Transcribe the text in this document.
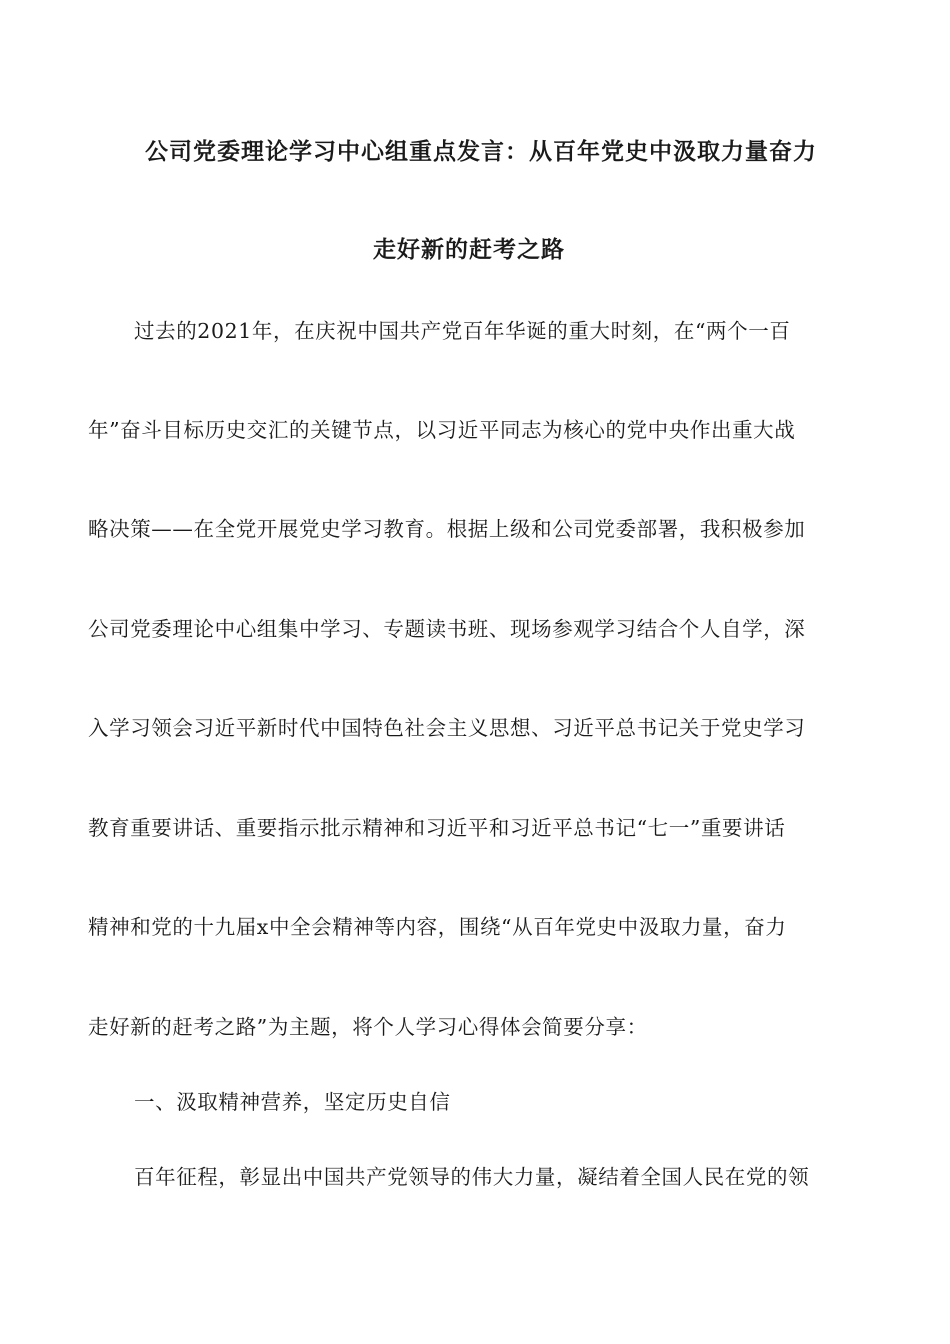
公司党委理论学习中心组重点发言：从百年党史中汲取力量奋力
走好新的赶考之路
过去的2021年，在庆祝中国共产党百年华诞的重大时刻，在“两个一百
年”奋斗目标历史交汇的关键节点，以习近平同志为核心的党中央作出重大战
略决策——在全党开展党史学习教育。根据上级和公司党委部署，我积极参加
公司党委理论中心组集中学习、专题读书班、现场参观学习结合个人自学，深
入学习领会习近平新时代中国特色社会主义思想、习近平总书记关于党史学习
教育重要讲话、重要指示批示精神和习近平和习近平总书记“七一”重要讲话
精神和党的十九届x中全会精神等内容，围绕“从百年党史中汲取力量，奋力
走好新的赶考之路”为主题，将个人学习心得体会简要分享：
一、汲取精神营养，坚定历史自信
百年征程，彰显出中国共产党领导的伟大力量，凝结着全国人民在党的领
